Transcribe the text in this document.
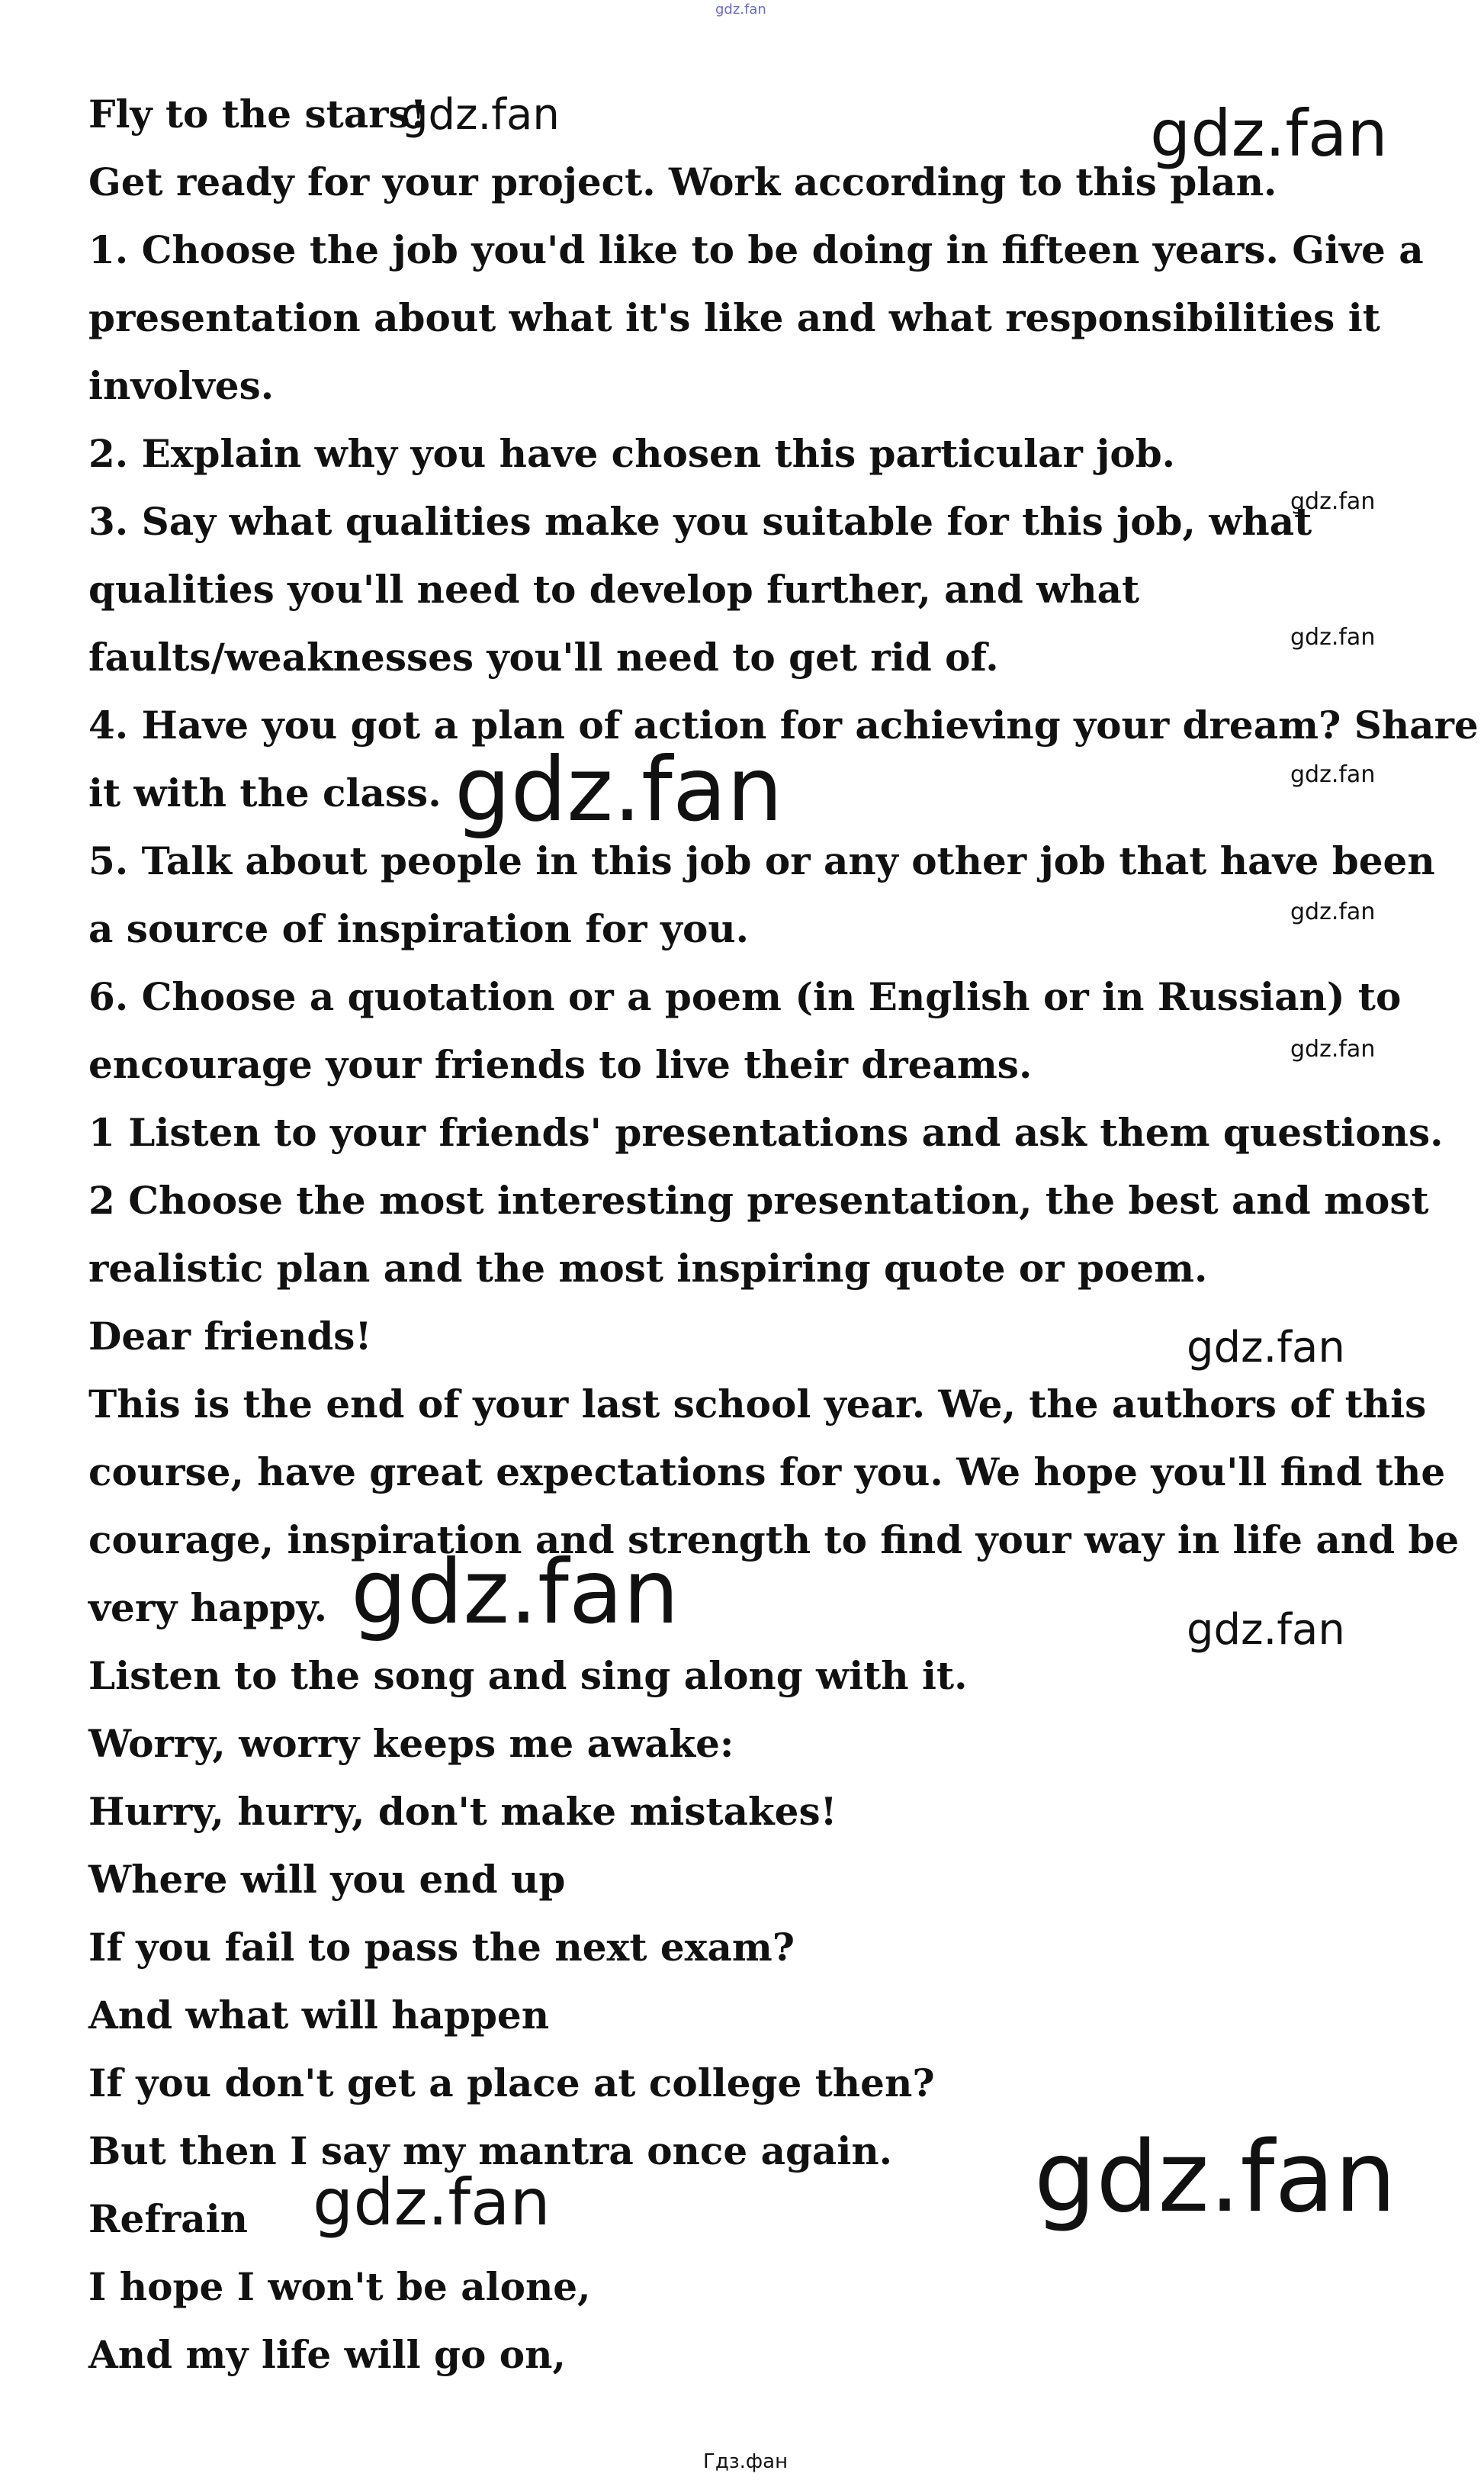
gdz.fan
Fly to the stars!
Get ready for your project. Work according to this plan.
1. Choose the job you'd like to be doing in fifteen years. Give a
presentation about what it's like and what responsibilities it
involves.
2. Explain why you have chosen this particular job.
3. Say what qualities make you suitable for this job, what
qualities you'll need to develop further, and what
faults/weaknesses you'll need to get rid of.
4. Have you got a plan of action for achieving your dream? Share
it with the class.
5. Talk about people in this job or any other job that have been
a source of inspiration for you.
6. Choose a quotation or a poem (in English or in Russian) to
encourage your friends to live their dreams.
1 Listen to your friends' presentations and ask them questions.
2 Choose the most interesting presentation, the best and most
realistic plan and the most inspiring quote or poem.
Dear friends!
This is the end of your last school year. We, the authors of this
course, have great expectations for you. We hope you'll find the
courage, inspiration and strength to find your way in life and be
very happy.
Listen to the song and sing along with it.
Worry, worry keeps me awake:
Hurry, hurry, don't make mistakes!
Where will you end up
If you fail to pass the next exam?
And what will happen
If you don't get a place at college then?
But then I say my mantra once again.
Refrain
I hope I won't be alone,
And my life will go on,
gdz.fan	gdz.fan
gdz.fan
gdz.fan
gdz.fan	gdz.fan
gdz.fan
gdz.fan
gdz.fan
gdz.fan	gdz.fan
gdz.fan	gdz.fan
Гдз.фан
